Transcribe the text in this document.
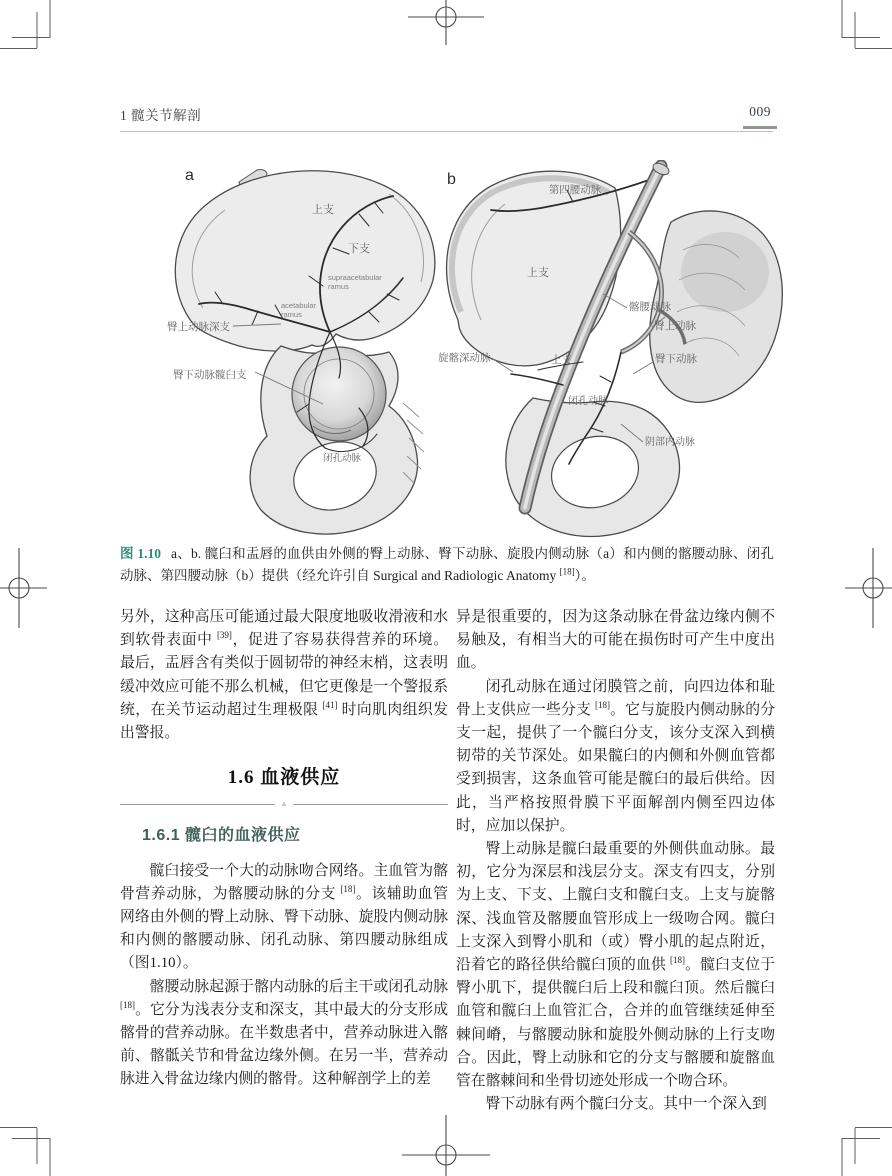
1 髋关节解剖	009
a
上支
下支
supraacetabular
ramus
acetabular
ramus
臀上动脉深支
臀下动脉髋臼支
闭孔动脉
b
第四腰动脉
上支
髂腰动脉
臀上动脉
旋髂深动脉	上支	臀下动脉
闭孔动脉
阴部内动脉
图 1.10 a、b. 髋臼和盂唇的血供由外侧的臀上动脉、臀下动脉、旋股内侧动脉（a）和内侧的髂腰动脉、闭孔动脉、第四腰动脉（b）提供（经允许引自 Surgical and Radiologic Anatomy [18]）。

另外，这种高压可能通过最大限度地吸收滑液和水到软骨表面中 [39]，促进了容易获得营养的环境。最后，盂唇含有类似于圆韧带的神经末梢，这表明缓冲效应可能不那么机械，但它更像是一个警报系统，在关节运动超过生理极限 [41] 时向肌肉组织发出警报。

1.6 血液供应
▲
1.6.1 髋臼的血液供应

髋臼接受一个大的动脉吻合网络。主血管为髂骨营养动脉，为髂腰动脉的分支 [18]。该辅助血管网络由外侧的臀上动脉、臀下动脉、旋股内侧动脉和内侧的髂腰动脉、闭孔动脉、第四腰动脉组成（图1.10）。

髂腰动脉起源于髂内动脉的后主干或闭孔动脉 [18]。它分为浅表分支和深支，其中最大的分支形成髂骨的营养动脉。在半数患者中，营养动脉进入髂前、髂骶关节和骨盆边缘外侧。在另一半，营养动脉进入骨盆边缘内侧的髂骨。这种解剖学上的差

异是很重要的，因为这条动脉在骨盆边缘内侧不易触及，有相当大的可能在损伤时可产生中度出血。

闭孔动脉在通过闭膜管之前，向四边体和耻骨上支供应一些分支 [18]。它与旋股内侧动脉的分支一起，提供了一个髋臼分支，该分支深入到横韧带的关节深处。如果髋臼的内侧和外侧血管都受到损害，这条血管可能是髋臼的最后供给。因此，当严格按照骨膜下平面解剖内侧至四边体时，应加以保护。

臀上动脉是髋臼最重要的外侧供血动脉。最初，它分为深层和浅层分支。深支有四支，分别为上支、下支、上髋臼支和髋臼支。上支与旋髂深、浅血管及髂腰血管形成上一级吻合网。髋臼上支深入到臀小肌和（或）臀小肌的起点附近，沿着它的路径供给髋臼顶的血供 [18]。髋臼支位于臀小肌下，提供髋臼后上段和髋臼顶。然后髋臼血管和髋臼上血管汇合，合并的血管继续延伸至棘间嵴，与髂腰动脉和旋股外侧动脉的上行支吻合。因此，臀上动脉和它的分支与髂腰和旋髂血管在髂棘间和坐骨切迹处形成一个吻合环。

臀下动脉有两个髋臼分支。其中一个深入到
